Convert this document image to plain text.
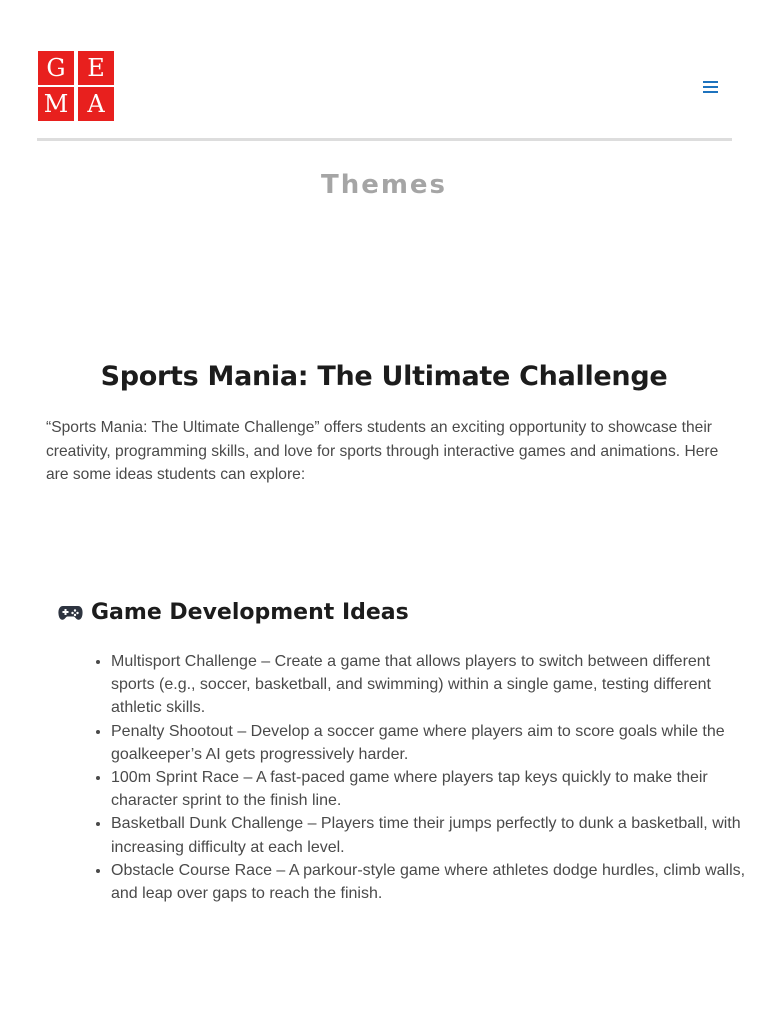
G E
M A
Themes
Sports Mania: The Ultimate Challenge

“Sports Mania: The Ultimate Challenge” offers students an exciting opportunity to showcase their creativity, programming skills, and love for sports through interactive games and animations. Here are some ideas students can explore:

Game Development Ideas
• Multisport Challenge – Create a game that allows players to switch between different sports (e.g., soccer, basketball, and swimming) within a single game, testing different athletic skills.
• Penalty Shootout – Develop a soccer game where players aim to score goals while the goalkeeper’s AI gets progressively harder.
• 100m Sprint Race – A fast-paced game where players tap keys quickly to make their character sprint to the finish line.
• Basketball Dunk Challenge – Players time their jumps perfectly to dunk a basketball, with increasing difficulty at each level.
• Obstacle Course Race – A parkour-style game where athletes dodge hurdles, climb walls, and leap over gaps to reach the finish.
